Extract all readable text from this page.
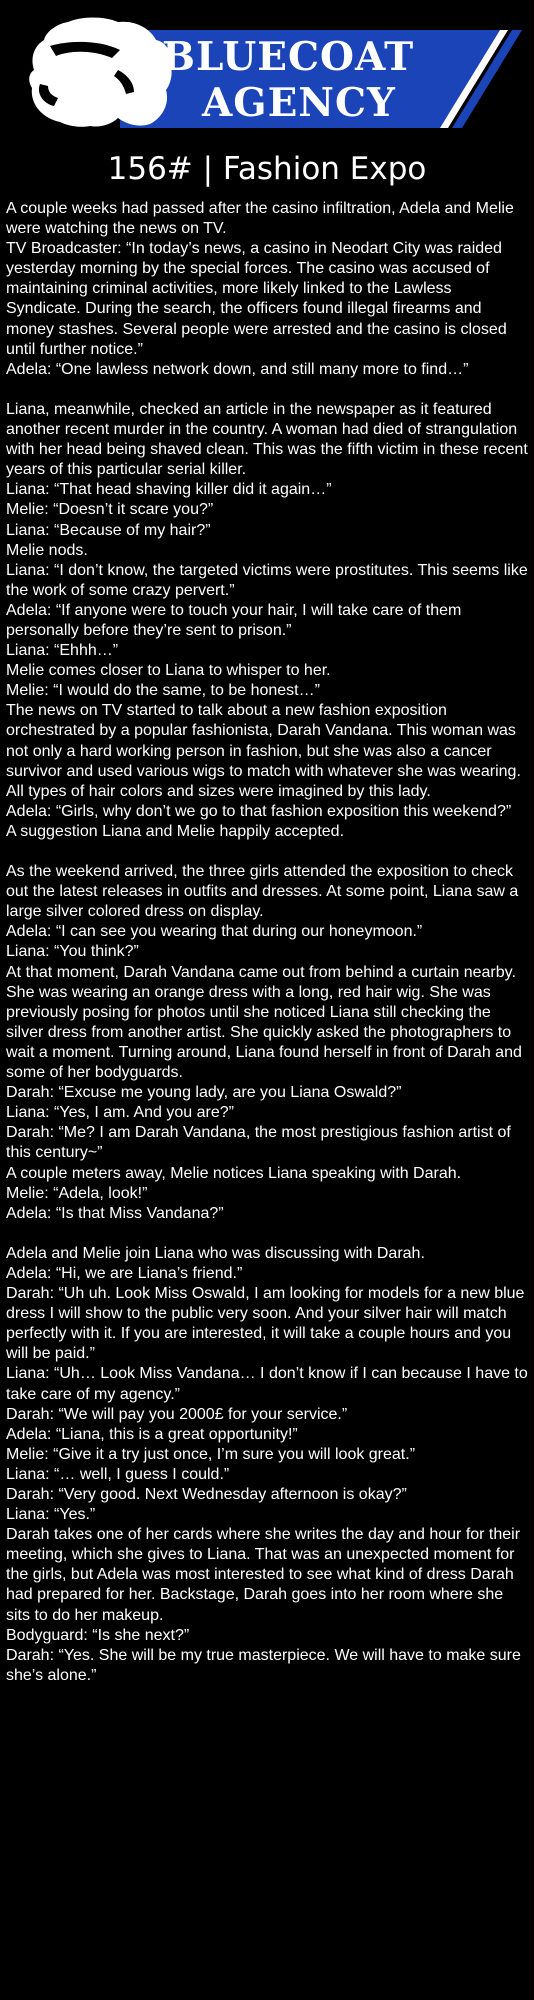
BLUECOAT
AGENCY
156# | Fashion Expo

A couple weeks had passed after the casino infiltration, Adela and Melie were watching the news on TV.

TV Broadcaster: “In today’s news, a casino in Neodart City was raided yesterday morning by the special forces. The casino was accused of maintaining criminal activities, more likely linked to the Lawless Syndicate. During the search, the officers found illegal firearms and money stashes. Several people were arrested and the casino is closed until further notice.”

Adela: “One lawless network down, and still many more to find…”

Liana, meanwhile, checked an article in the newspaper as it featured another recent murder in the country. A woman had died of strangulation with her head being shaved clean. This was the fifth victim in these recent years of this particular serial killer.

Liana: “That head shaving killer did it again…”

Melie: “Doesn’t it scare you?”

Liana: “Because of my hair?”

Melie nods.

Liana: “I don’t know, the targeted victims were prostitutes. This seems like the work of some crazy pervert.”

Adela: “If anyone were to touch your hair, I will take care of them personally before they’re sent to prison.”

Liana: “Ehhh…”

Melie comes closer to Liana to whisper to her.

Melie: “I would do the same, to be honest…”

The news on TV started to talk about a new fashion exposition orchestrated by a popular fashionista, Darah Vandana. This woman was not only a hard working person in fashion, but she was also a cancer survivor and used various wigs to match with whatever she was wearing. All types of hair colors and sizes were imagined by this lady.

Adela: “Girls, why don’t we go to that fashion exposition this weekend?”

A suggestion Liana and Melie happily accepted.

As the weekend arrived, the three girls attended the exposition to check out the latest releases in outfits and dresses. At some point, Liana saw a large silver colored dress on display.

Adela: “I can see you wearing that during our honeymoon.”

Liana: “You think?”

At that moment, Darah Vandana came out from behind a curtain nearby. She was wearing an orange dress with a long, red hair wig. She was previously posing for photos until she noticed Liana still checking the silver dress from another artist. She quickly asked the photographers to wait a moment. Turning around, Liana found herself in front of Darah and some of her bodyguards.

Darah: “Excuse me young lady, are you Liana Oswald?”

Liana: “Yes, I am. And you are?”

Darah: “Me? I am Darah Vandana, the most prestigious fashion artist of this century~”

A couple meters away, Melie notices Liana speaking with Darah.

Melie: “Adela, look!”

Adela: “Is that Miss Vandana?”

Adela and Melie join Liana who was discussing with Darah.

Adela: “Hi, we are Liana’s friend.”

Darah: “Uh uh. Look Miss Oswald, I am looking for models for a new blue dress I will show to the public very soon. And your silver hair will match perfectly with it. If you are interested, it will take a couple hours and you will be paid.”

Liana: “Uh… Look Miss Vandana… I don’t know if I can because I have to take care of my agency.”

Darah: “We will pay you 2000£ for your service.”

Adela: “Liana, this is a great opportunity!”

Melie: “Give it a try just once, I’m sure you will look great.”

Liana: “… well, I guess I could.”

Darah: “Very good. Next Wednesday afternoon is okay?”

Liana: “Yes.”

Darah takes one of her cards where she writes the day and hour for their meeting, which she gives to Liana. That was an unexpected moment for the girls, but Adela was most interested to see what kind of dress Darah had prepared for her. Backstage, Darah goes into her room where she sits to do her makeup.

Bodyguard: “Is she next?”

Darah: “Yes. She will be my true masterpiece. We will have to make sure she’s alone.”
